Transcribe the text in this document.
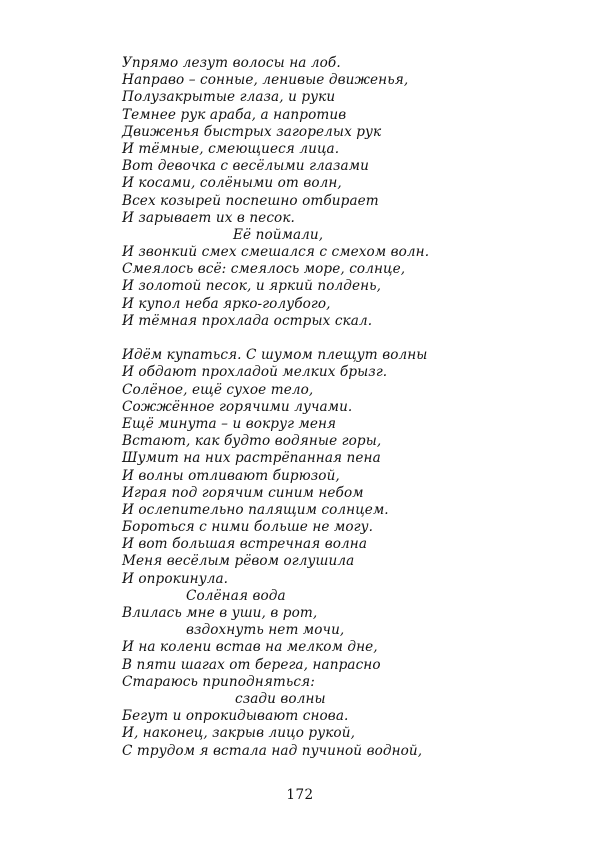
Упрямо лезут волосы на лоб.
Направо – сонные, ленивые движенья,
Полузакрытые глаза, и руки
Темнее рук араба, а напротив
Движенья быстрых загорелых рук
И тёмные, смеющиеся лица.
Вот девочка с весёлыми глазами
И косами, солёными от волн,
Всех козырей поспешно отбирает
И зарывает их в песок.
Её поймали,
И звонкий смех смешался с смехом волн.
Смеялось всё: смеялось море, солнце,
И золотой песок, и яркий полдень,
И купол неба ярко-голубого,
И тёмная прохлада острых скал.
Идём купаться. С шумом плещут волны
И обдают прохладой мелких брызг.
Солёное, ещё сухое тело,
Сожжённое горячими лучами.
Ещё минута – и вокруг меня
Встают, как будто водяные горы,
Шумит на них растрёпанная пена
И волны отливают бирюзой,
Играя под горячим синим небом
И ослепительно палящим солнцем.
Бороться с ними больше не могу.
И вот большая встречная волна
Меня весёлым рёвом оглушила
И опрокинула.
Солёная вода
Влилась мне в уши, в рот,
вздохнуть нет мочи,
И на колени встав на мелком дне,
В пяти шагах от берега, напрасно
Стараюсь приподняться:
сзади волны
Бегут и опрокидывают снова.
И, наконец, закрыв лицо рукой,
С трудом я встала над пучиной водной,
172
